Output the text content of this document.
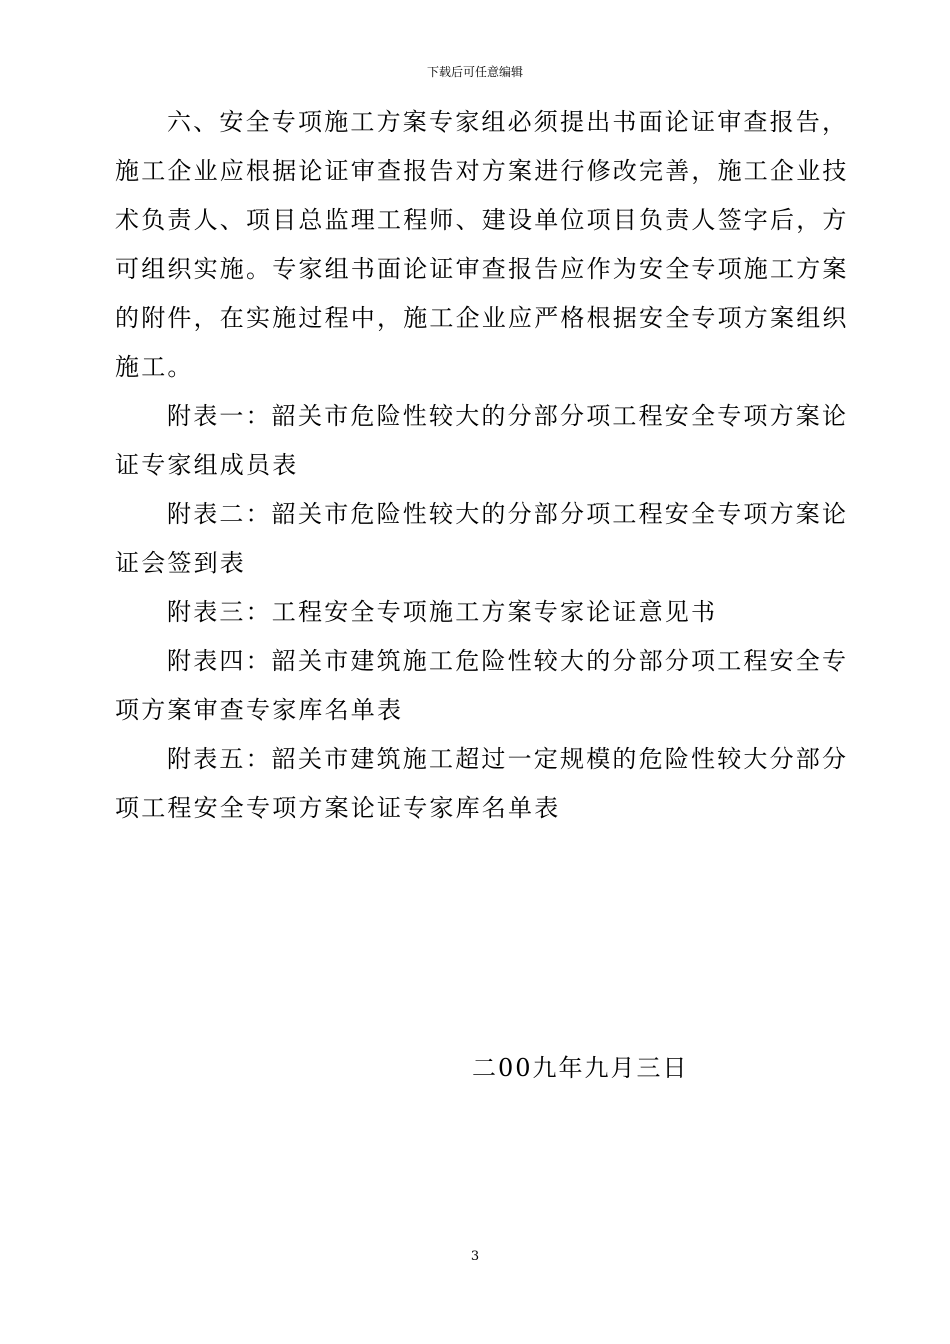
下载后可任意编辑

六、安全专项施工方案专家组必须提出书面论证审查报告，
施工企业应根据论证审查报告对方案进行修改完善，施工企业技
术负责人、项目总监理工程师、建设单位项目负责人签字后，方
可组织实施。专家组书面论证审查报告应作为安全专项施工方案
的附件，在实施过程中，施工企业应严格根据安全专项方案组织
施工。

附表一：韶关市危险性较大的分部分项工程安全专项方案论
证专家组成员表

附表二：韶关市危险性较大的分部分项工程安全专项方案论
证会签到表

附表三：工程安全专项施工方案专家论证意见书

附表四：韶关市建筑施工危险性较大的分部分项工程安全专
项方案审查专家库名单表

附表五：韶关市建筑施工超过一定规模的危险性较大分部分
项工程安全专项方案论证专家库名单表

二00九年九月三日
3
